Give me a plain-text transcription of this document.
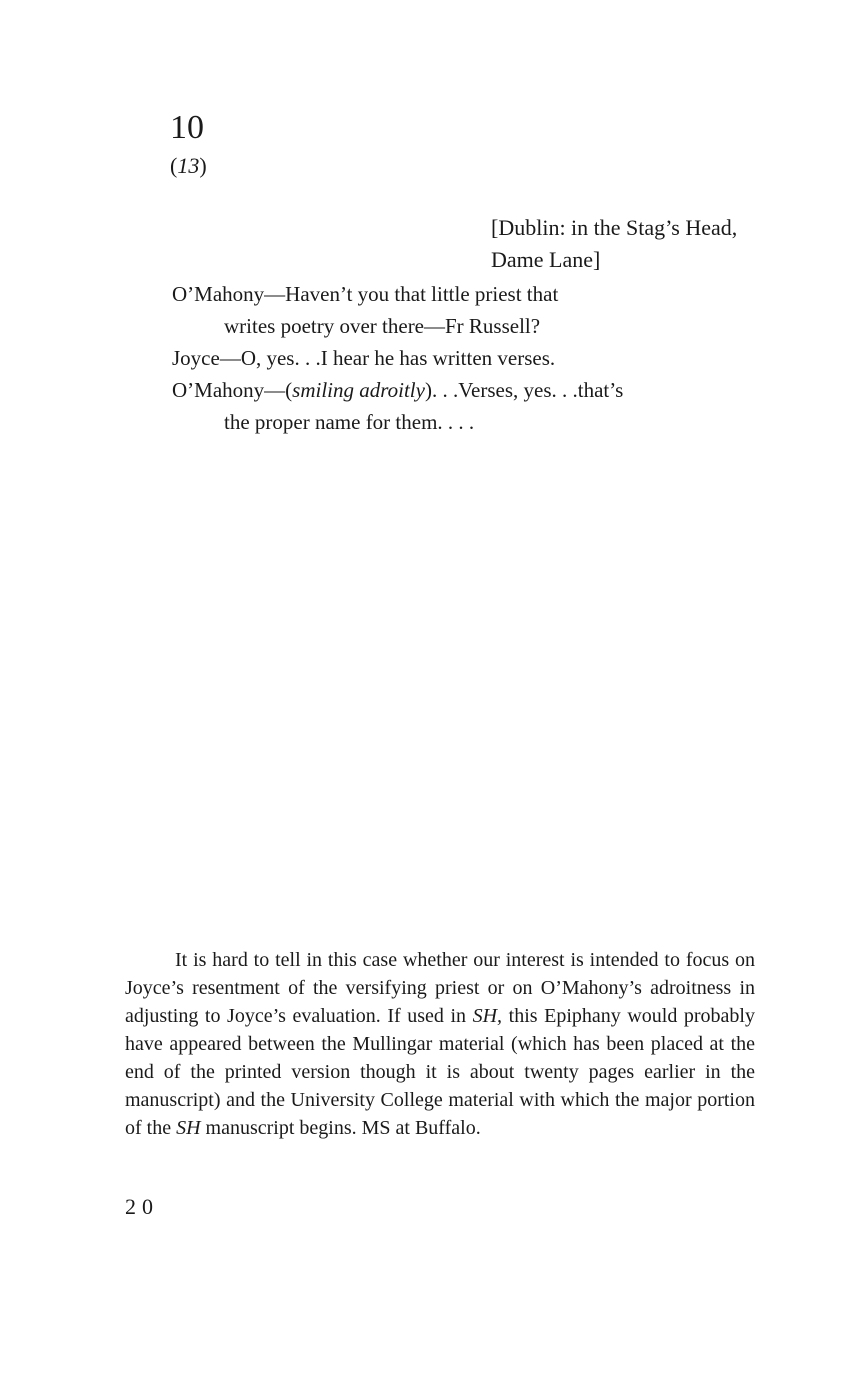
10
(13)
[Dublin: in the Stag’s Head,
Dame Lane]
O’Mahony—Haven’t you that little priest that
writes poetry over there—Fr Russell?
Joyce—O, yes. . .I hear he has written verses.
O’Mahony—(smiling adroitly). . .Verses, yes. . .that’s
the proper name for them. . . .
It is hard to tell in this case whether our interest is intended to focus on Joyce’s resentment of the versifying priest or on O’Mahony’s adroitness in adjusting to Joyce’s evaluation. If used in SH, this Epiphany would probably have appeared between the Mullingar material (which has been placed at the end of the printed version though it is about twenty pages earlier in the manuscript) and the University College material with which the major portion of the SH manuscript begins. MS at Buffalo.
20
